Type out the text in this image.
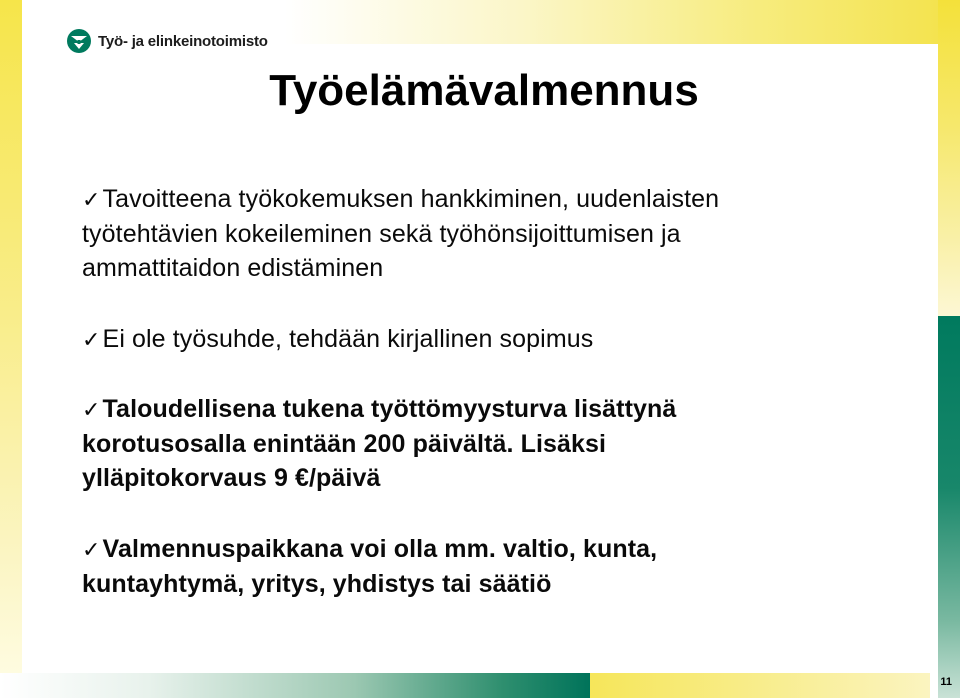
Työ- ja elinkeinotoimisto
Työelämävalmennus
✓Tavoitteena työkokemuksen hankkiminen, uudenlaisten
työtehtävien kokeileminen sekä työhönsijoittumisen ja
ammattitaidon edistäminen
✓Ei ole työsuhde, tehdään kirjallinen sopimus
✓Taloudellisena tukena työttömyysturva lisättynä
korotusosalla enintään 200 päivältä. Lisäksi
ylläpitokorvaus 9 €/päivä
✓Valmennuspaikkana voi olla mm. valtio, kunta,
kuntayhtymä, yritys, yhdistys tai säätiö
11
